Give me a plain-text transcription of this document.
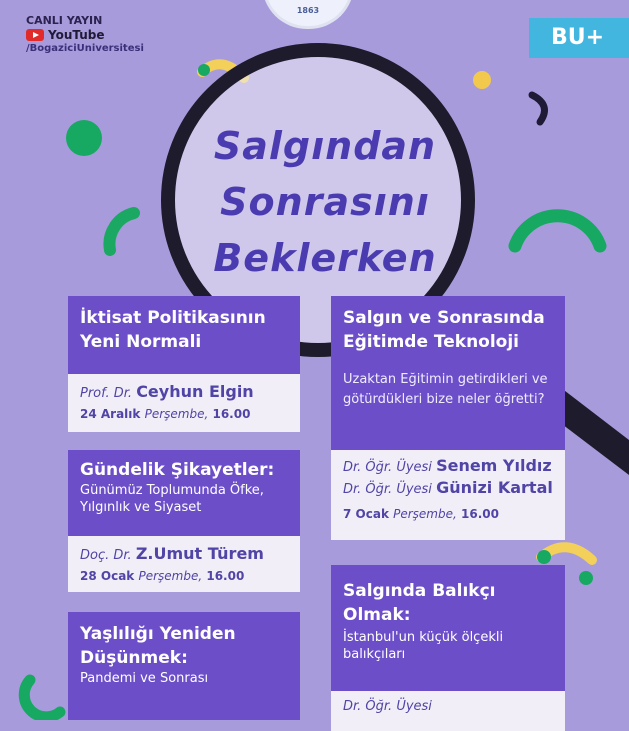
CANLI YAYIN
YouTube
/BogaziciUniversitesi
1863
BU+
Salgından
Sonrasını
Beklerken
İktisat Politikasının Yeni Normali
Prof. Dr. Ceyhun Elgin
24 Aralık Perşembe, 16.00
Gündelik Şikayetler:
Günümüz Toplumunda Öfke, Yılgınlık ve Siyaset
Doç. Dr. Z.Umut Türem
28 Ocak Perşembe, 16.00
Yaşlılığı Yeniden Düşünmek:
Pandemi ve Sonrası
Salgın ve Sonrasında Eğitimde Teknoloji
Uzaktan Eğitimin getirdikleri ve götürdükleri bize neler öğretti?
Dr. Öğr. Üyesi Senem Yıldız
Dr. Öğr. Üyesi Günizi Kartal
7 Ocak Perşembe, 16.00
Salgında Balıkçı Olmak:
İstanbul'un küçük ölçekli balıkçıları
Dr. Öğr. Üyesi
